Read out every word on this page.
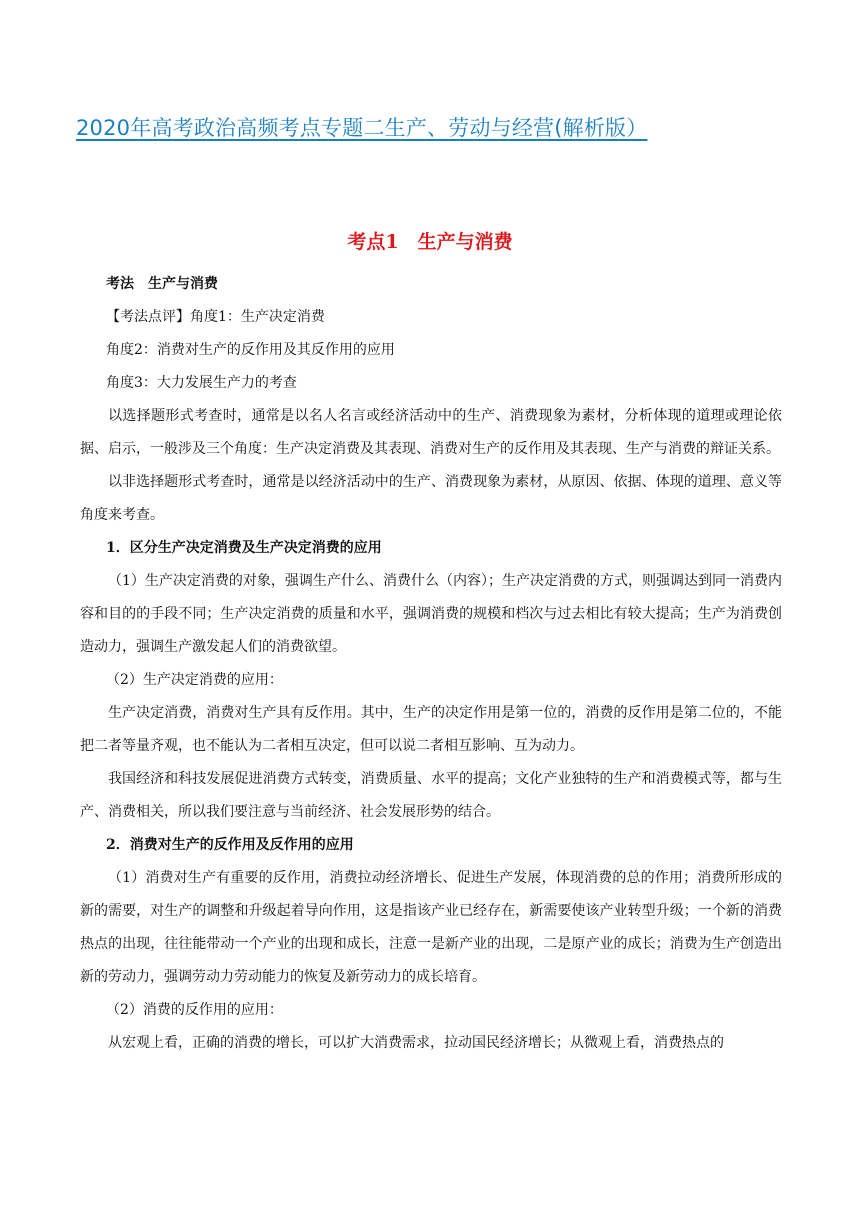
2020年高考政治高频考点专题二生产、劳动与经营(解析版）
考点1　生产与消费
考法　生产与消费
【考法点评】角度1：生产决定消费
角度2：消费对生产的反作用及其反作用的应用
角度3：大力发展生产力的考查
以选择题形式考查时，通常是以名人名言或经济活动中的生产、消费现象为素材，分析体现的道理或理论依据、启示，一般涉及三个角度：生产决定消费及其表现、消费对生产的反作用及其表现、生产与消费的辩证关系。
以非选择题形式考查时，通常是以经济活动中的生产、消费现象为素材，从原因、依据、体现的道理、意义等角度来考查。
1．区分生产决定消费及生产决定消费的应用
（1）生产决定消费的对象，强调生产什么、消费什么（内容）；生产决定消费的方式，则强调达到同一消费内容和目的的手段不同；生产决定消费的质量和水平，强调消费的规模和档次与过去相比有较大提高；生产为消费创造动力，强调生产激发起人们的消费欲望。
（2）生产决定消费的应用：
生产决定消费，消费对生产具有反作用。其中，生产的决定作用是第一位的，消费的反作用是第二位的，不能把二者等量齐观，也不能认为二者相互决定，但可以说二者相互影响、互为动力。
我国经济和科技发展促进消费方式转变，消费质量、水平的提高；文化产业独特的生产和消费模式等，都与生产、消费相关，所以我们要注意与当前经济、社会发展形势的结合。
2．消费对生产的反作用及反作用的应用
（1）消费对生产有重要的反作用，消费拉动经济增长、促进生产发展，体现消费的总的作用；消费所形成的新的需要，对生产的调整和升级起着导向作用，这是指该产业已经存在，新需要使该产业转型升级；一个新的消费热点的出现，往往能带动一个产业的出现和成长，注意一是新产业的出现，二是原产业的成长；消费为生产创造出新的劳动力，强调劳动力劳动能力的恢复及新劳动力的成长培育。
（2）消费的反作用的应用：
从宏观上看，正确的消费的增长，可以扩大消费需求，拉动国民经济增长；从微观上看，消费热点的
